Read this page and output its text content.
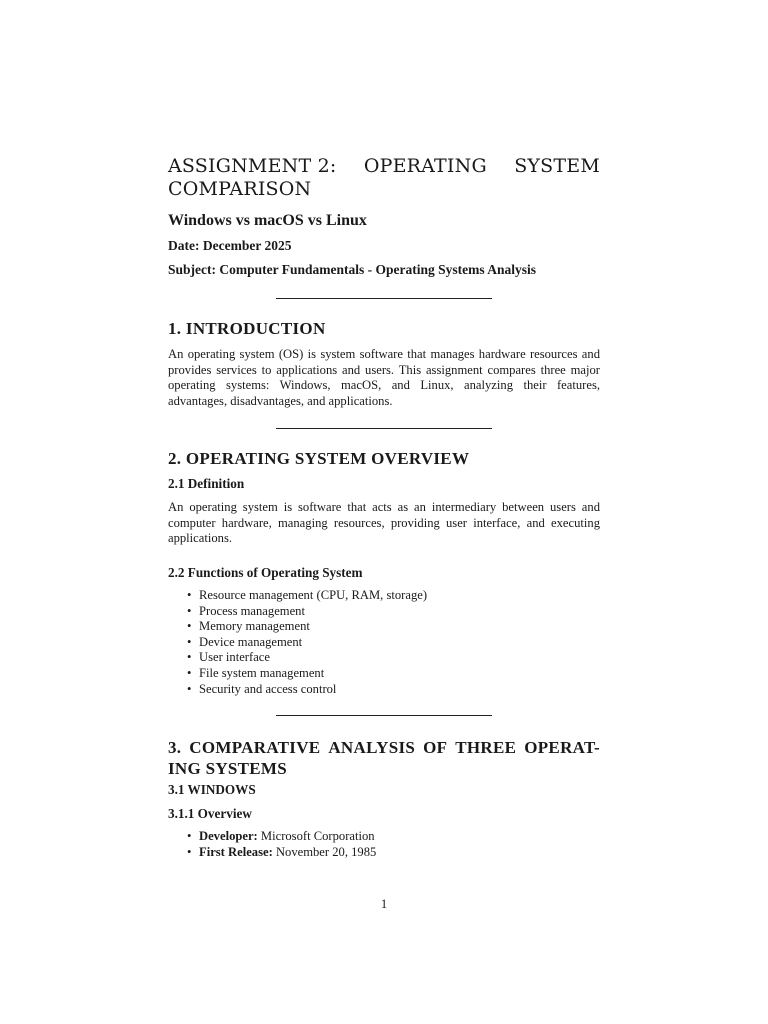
ASSIGNMENT 2: OPERATING SYSTEM
COMPARISON
Windows vs macOS vs Linux
Date: December 2025
Subject: Computer Fundamentals - Operating Systems Analysis
1. INTRODUCTION
An operating system (OS) is system software that manages hardware resources and provides services to applications and users. This assignment compares three major operating systems: Windows, macOS, and Linux, analyzing their features, advantages, disadvantages, and applications.
2. OPERATING SYSTEM OVERVIEW
2.1 Definition
An operating system is software that acts as an intermediary between users and computer hardware, managing resources, providing user interface, and executing applications.
2.2 Functions of Operating System
• Resource management (CPU, RAM, storage)
• Process management
• Memory management
• Device management
• User interface
• File system management
• Security and access control
3. COMPARATIVE ANALYSIS OF THREE OPERAT-
ING SYSTEMS
3.1 WINDOWS
3.1.1 Overview
• Developer: Microsoft Corporation
• First Release: November 20, 1985
1
